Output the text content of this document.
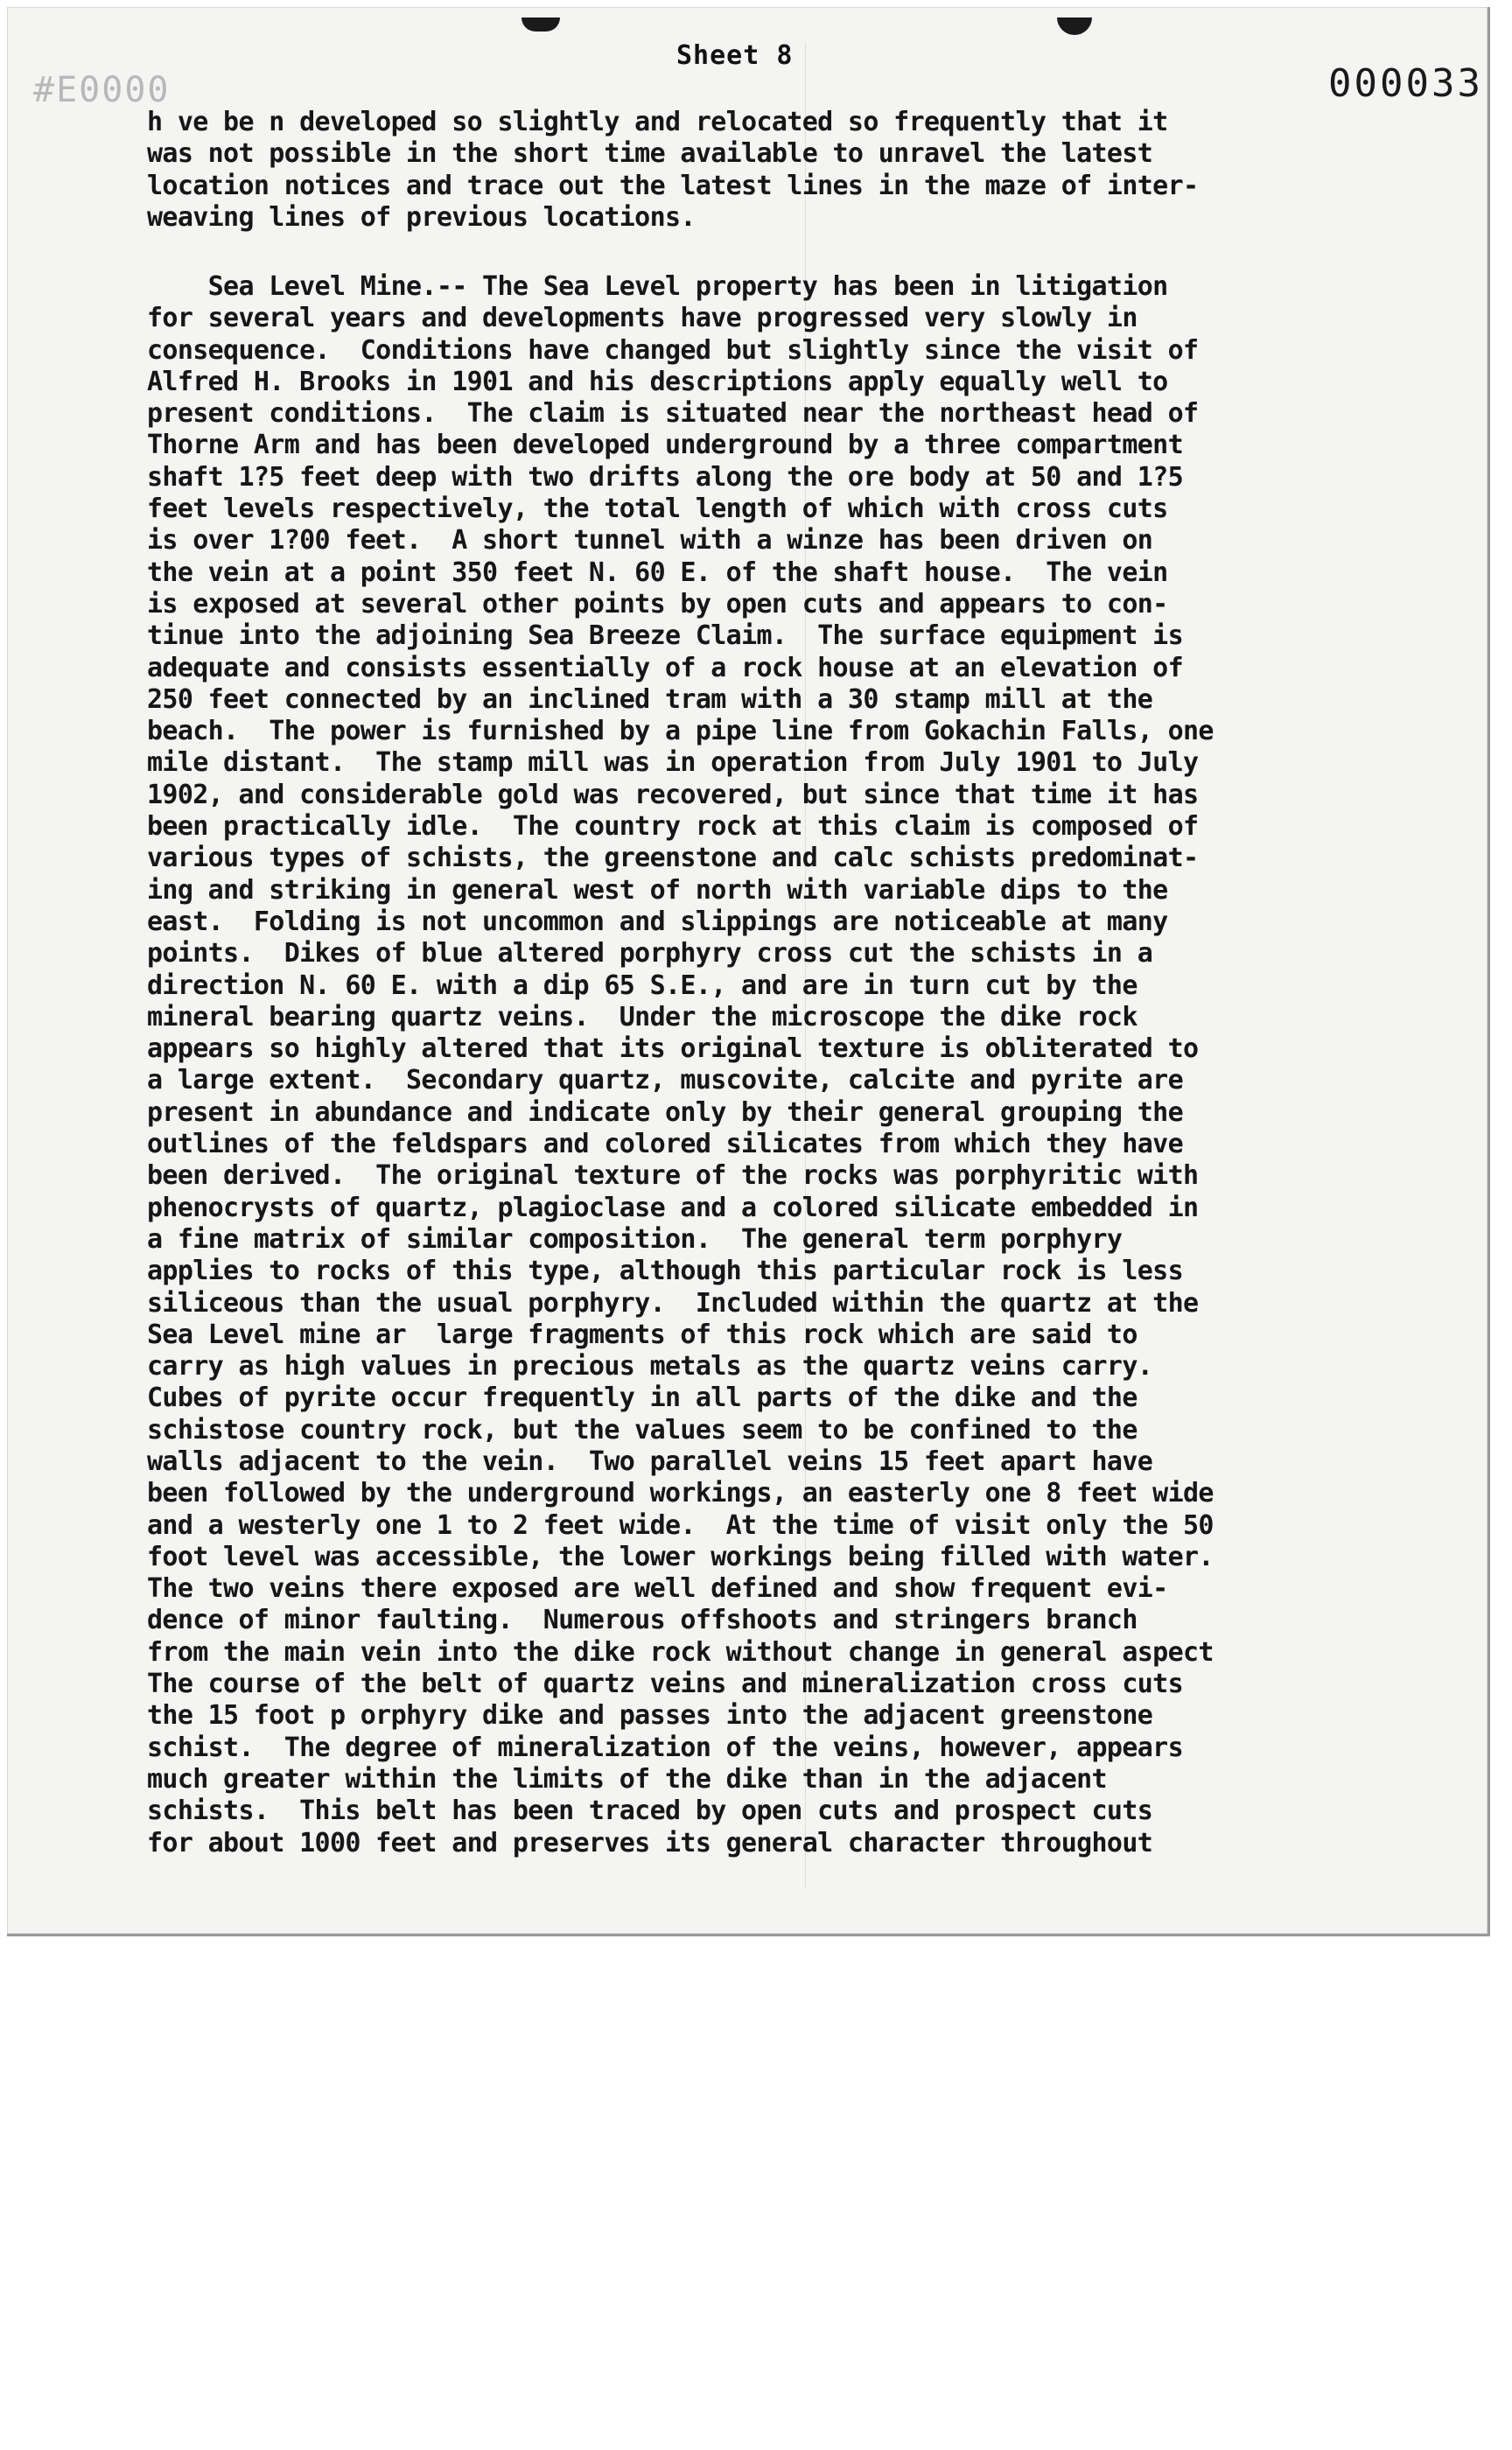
Sheet 8
#E0000	000033
h ve be n developed so slightly and relocated so frequently that it
was not possible in the short time available to unravel the latest
location notices and trace out the latest lines in the maze of inter-
weaving lines of previous locations.
Sea Level Mine.-- The Sea Level property has been in litigation
for several years and developments have progressed very slowly in
consequence.  Conditions have changed but slightly since the visit of
Alfred H. Brooks in 1901 and his descriptions apply equally well to
present conditions.  The claim is situated near the northeast head of
Thorne Arm and has been developed underground by a three compartment
shaft 1?5 feet deep with two drifts along the ore body at 50 and 1?5
feet levels respectively, the total length of which with cross cuts
is over 1?00 feet.  A short tunnel with a winze has been driven on
the vein at a point 350 feet N. 60 E. of the shaft house.  The vein
is exposed at several other points by open cuts and appears to con-
tinue into the adjoining Sea Breeze Claim.  The surface equipment is
adequate and consists essentially of a rock house at an elevation of
250 feet connected by an inclined tram with a 30 stamp mill at the
beach.  The power is furnished by a pipe line from Gokachin Falls, one
mile distant.  The stamp mill was in operation from July 1901 to July
1902, and considerable gold was recovered, but since that time it has
been practically idle.  The country rock at this claim is composed of
various types of schists, the greenstone and calc schists predominat-
ing and striking in general west of north with variable dips to the
east.  Folding is not uncommon and slippings are noticeable at many
points.  Dikes of blue altered porphyry cross cut the schists in a
direction N. 60 E. with a dip 65 S.E., and are in turn cut by the
mineral bearing quartz veins.  Under the microscope the dike rock
appears so highly altered that its original texture is obliterated to
a large extent.  Secondary quartz, muscovite, calcite and pyrite are
present in abundance and indicate only by their general grouping the
outlines of the feldspars and colored silicates from which they have
been derived.  The original texture of the rocks was porphyritic with
phenocrysts of quartz, plagioclase and a colored silicate embedded in
a fine matrix of similar composition.  The general term porphyry
applies to rocks of this type, although this particular rock is less
siliceous than the usual porphyry.  Included within the quartz at the
Sea Level mine ar  large fragments of this rock which are said to
carry as high values in precious metals as the quartz veins carry.
Cubes of pyrite occur frequently in all parts of the dike and the
schistose country rock, but the values seem to be confined to the
walls adjacent to the vein.  Two parallel veins 15 feet apart have
been followed by the underground workings, an easterly one 8 feet wide
and a westerly one 1 to 2 feet wide.  At the time of visit only the 50
foot level was accessible, the lower workings being filled with water.
The two veins there exposed are well defined and show frequent evi-
dence of minor faulting.  Numerous offshoots and stringers branch
from the main vein into the dike rock without change in general aspect
The course of the belt of quartz veins and mineralization cross cuts
the 15 foot p orphyry dike and passes into the adjacent greenstone
schist.  The degree of mineralization of the veins, however, appears
much greater within the limits of the dike than in the adjacent
schists.  This belt has been traced by open cuts and prospect cuts
for about 1000 feet and preserves its general character throughout
